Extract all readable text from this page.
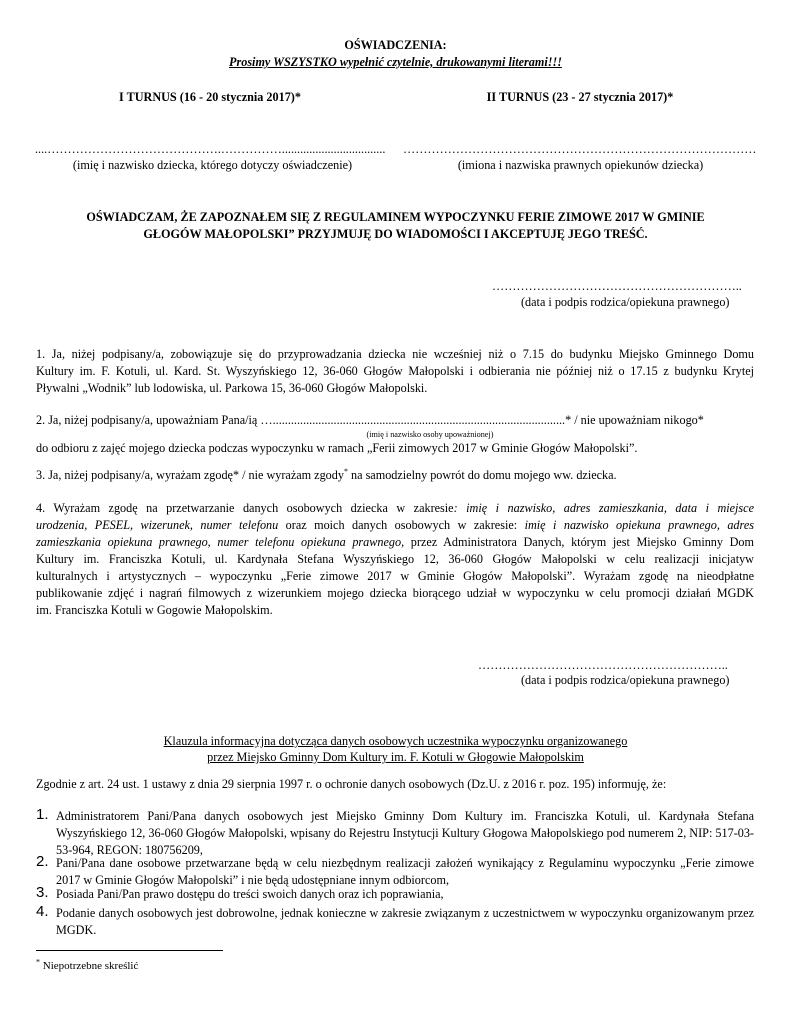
OŚWIADCZENIA:
Prosimy WSZYSTKO wypełnić czytelnie, drukowanymi literami!!!
I TURNUS (16 - 20 stycznia 2017)*	II TURNUS (23 - 27 stycznia 2017)*
....…………………………………….…………….................................. ……………………………………………………………………………
(imię i nazwisko dziecka, którego dotyczy oświadczenie)	(imiona i nazwiska prawnych opiekunów dziecka)
OŚWIADCZAM, ŻE ZAPOZNAŁEM SIĘ Z REGULAMINEM WYPOCZYNKU FERIE ZIMOWE 2017 W GMINIE
GŁOGÓW MAŁOPOLSKI” PRZYJMUJĘ DO WIADOMOŚCI I AKCEPTUJĘ JEGO TREŚĆ.
……………………………………………………..
(data i podpis rodzica/opiekuna prawnego)
1. Ja, niżej podpisany/a, zobowiązuje się do przyprowadzania dziecka nie wcześniej niż o 7.15 do budynku Miejsko Gminnego Domu
Kultury im. F. Kotuli, ul. Kard. St. Wyszyńskiego 12, 36-060 Głogów Małopolski i odbierania nie później niż o 17.15 z budynku Krytej
Pływalni „Wodnik” lub lodowiska, ul. Parkowa 15, 36-060 Głogów Małopolski.
2. Ja, niżej podpisany/a, upoważniam Pana/ią …................................................................................................* / nie upoważniam nikogo*
(imię i nazwisko osoby upoważnionej)
do odbioru z zajęć mojego dziecka podczas wypoczynku w ramach „Ferii zimowych 2017 w Gminie Głogów Małopolski”.
3. Ja, niżej podpisany/a, wyrażam zgodę* / nie wyrażam zgody* na samodzielny powrót do domu mojego ww. dziecka.
4. Wyrażam zgodę na przetwarzanie danych osobowych dziecka w zakresie: imię i nazwisko, adres zamieszkania, data i miejsce
urodzenia, PESEL, wizerunek, numer telefonu oraz moich danych osobowych w zakresie: imię i nazwisko opiekuna prawnego, adres
zamieszkania opiekuna prawnego, numer telefonu opiekuna prawnego, przez Administratora Danych, którym jest Miejsko Gminny Dom
Kultury im. Franciszka Kotuli, ul. Kardynała Stefana Wyszyńskiego 12, 36-060 Głogów Małopolski w celu realizacji inicjatyw
kulturalnych i artystycznych – wypoczynku „Ferie zimowe 2017 w Gminie Głogów Małopolski”. Wyrażam zgodę na nieodpłatne
publikowanie zdjęć i nagrań filmowych z wizerunkiem mojego dziecka biorącego udział w wypoczynku w celu promocji działań MGDK
im. Franciszka Kotuli w Gogowie Małopolskim.
……………………………………………………..
(data i podpis rodzica/opiekuna prawnego)
Klauzula informacyjna dotycząca danych osobowych uczestnika wypoczynku organizowanego
przez Miejsko Gminny Dom Kultury im. F. Kotuli w Głogowie Małopolskim
Zgodnie z art. 24 ust. 1 ustawy z dnia 29 sierpnia 1997 r. o ochronie danych osobowych (Dz.U. z 2016 r. poz. 195) informuję, że:
1. Administratorem Pani/Pana danych osobowych jest Miejsko Gminny Dom Kultury im. Franciszka Kotuli, ul. Kardynała Stefana Wyszyńskiego 12, 36-060 Głogów Małopolski, wpisany do Rejestru Instytucji Kultury Głogowa Małopolskiego pod numerem 2, NIP: 517-03-53-964, REGON: 180756209,
2. Pani/Pana dane osobowe przetwarzane będą w celu niezbędnym realizacji założeń wynikający z Regulaminu wypoczynku „Ferie zimowe 2017 w Gminie Głogów Małopolski” i nie będą udostępniane innym odbiorcom,
3. Posiada Pani/Pan prawo dostępu do treści swoich danych oraz ich poprawiania,
4. Podanie danych osobowych jest dobrowolne, jednak konieczne w zakresie związanym z uczestnictwem w wypoczynku organizowanym przez MGDK.
* Niepotrzebne skreślić
